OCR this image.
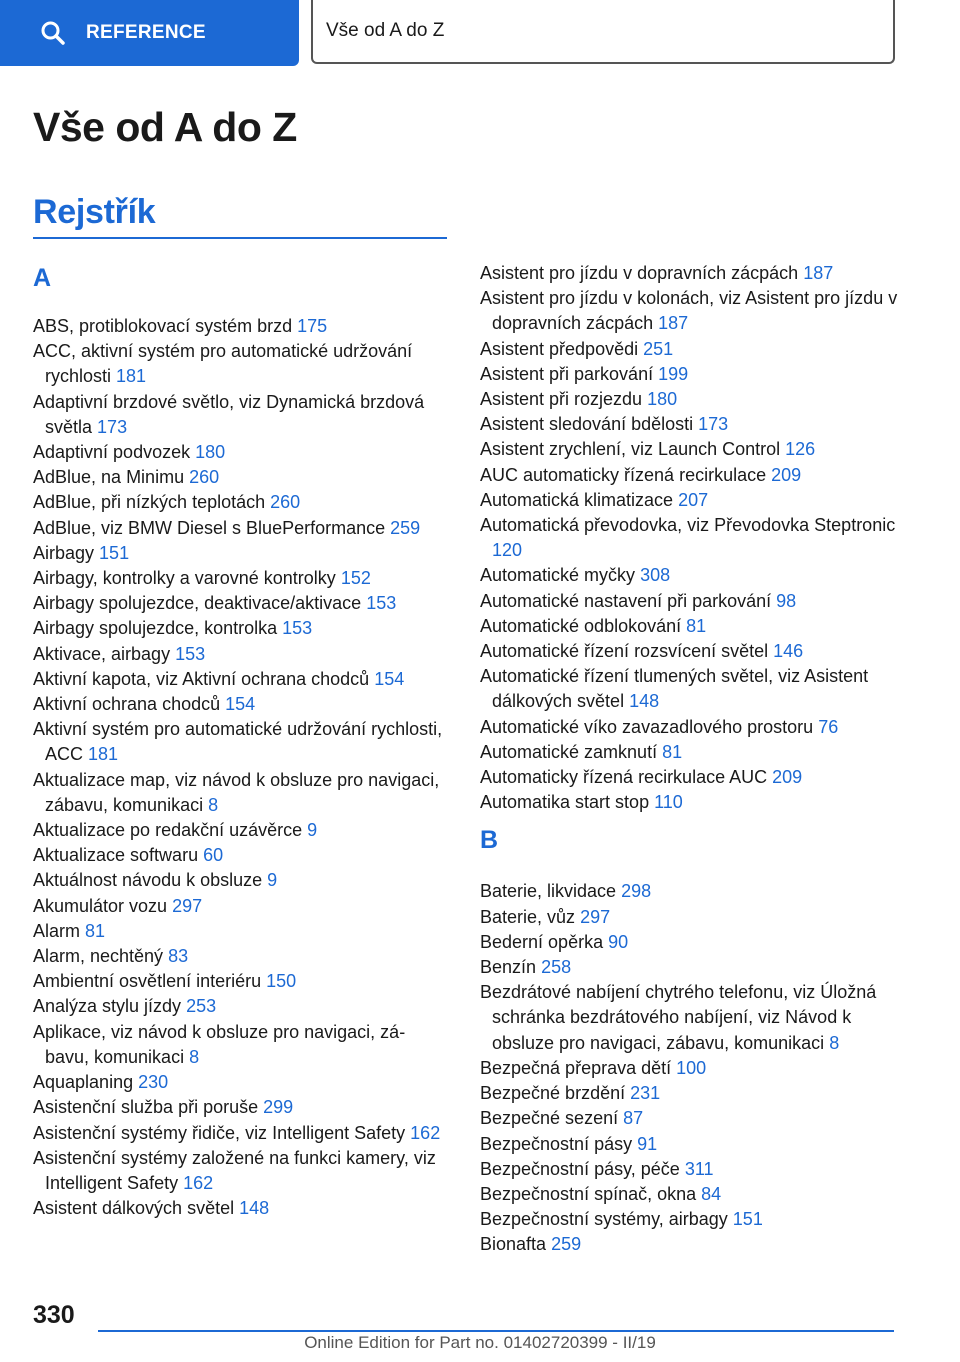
REFERENCE	Vše od A do Z
Vše od A do Z
Rejstřík
A
ABS, protiblokovací systém brzd 175
ACC, aktivní systém pro automatické udržování rychlosti 181
Adaptivní brzdové světlo, viz Dynamická brzdová světla 173
Adaptivní podvozek 180
AdBlue, na Minimu 260
AdBlue, při nízkých teplotách 260
AdBlue, viz BMW Diesel s BluePerformance 259
Airbagy 151
Airbagy, kontrolky a varovné kontrolky 152
Airbagy spolujezdce, deaktivace/aktivace 153
Airbagy spolujezdce, kontrolka 153
Aktivace, airbagy 153
Aktivní kapota, viz Aktivní ochrana chodců 154
Aktivní ochrana chodců 154
Aktivní systém pro automatické udržování rychlosti, ACC 181
Aktualizace map, viz návod k obsluze pro navigaci, zábavu, komunikaci 8
Aktualizace po redakční uzávěrce 9
Aktualizace softwaru 60
Aktuálnost návodu k obsluze 9
Akumulátor vozu 297
Alarm 81
Alarm, nechtěný 83
Ambientní osvětlení interiéru 150
Analýza stylu jízdy 253
Aplikace, viz návod k obsluze pro navigaci, zábavu, komunikaci 8
Aquaplaning 230
Asistenční služba při poruše 299
Asistenční systémy řidiče, viz Intelligent Safety 162
Asistenční systémy založené na funkci kamery, viz Intelligent Safety 162
Asistent dálkových světel 148
Asistent pro jízdu v dopravních zácpách 187
Asistent pro jízdu v kolonách, viz Asistent pro jízdu v dopravních zácpách 187
Asistent předpovědi 251
Asistent při parkování 199
Asistent při rozjezdu 180
Asistent sledování bdělosti 173
Asistent zrychlení, viz Launch Control 126
AUC automaticky řízená recirkulace 209
Automatická klimatizace 207
Automatická převodovka, viz Převodovka Steptronic 120
Automatické myčky 308
Automatické nastavení při parkování 98
Automatické odblokování 81
Automatické řízení rozsvícení světel 146
Automatické řízení tlumených světel, viz Asistent dálkových světel 148
Automatické víko zavazadlového prostoru 76
Automatické zamknutí 81
Automaticky řízená recirkulace AUC 209
Automatika start stop 110
B
Baterie, likvidace 298
Baterie, vůz 297
Bederní opěrka 90
Benzín 258
Bezdrátové nabíjení chytrého telefonu, viz Úložná schránka bezdrátového nabíjení, viz Návod k obsluze pro navigaci, zábavu, komunikaci 8
Bezpečná přeprava dětí 100
Bezpečné brzdění 231
Bezpečné sezení 87
Bezpečnostní pásy 91
Bezpečnostní pásy, péče 311
Bezpečnostní spínač, okna 84
Bezpečnostní systémy, airbagy 151
Bionafta 259
330
Online Edition for Part no. 01402720399 - II/19
